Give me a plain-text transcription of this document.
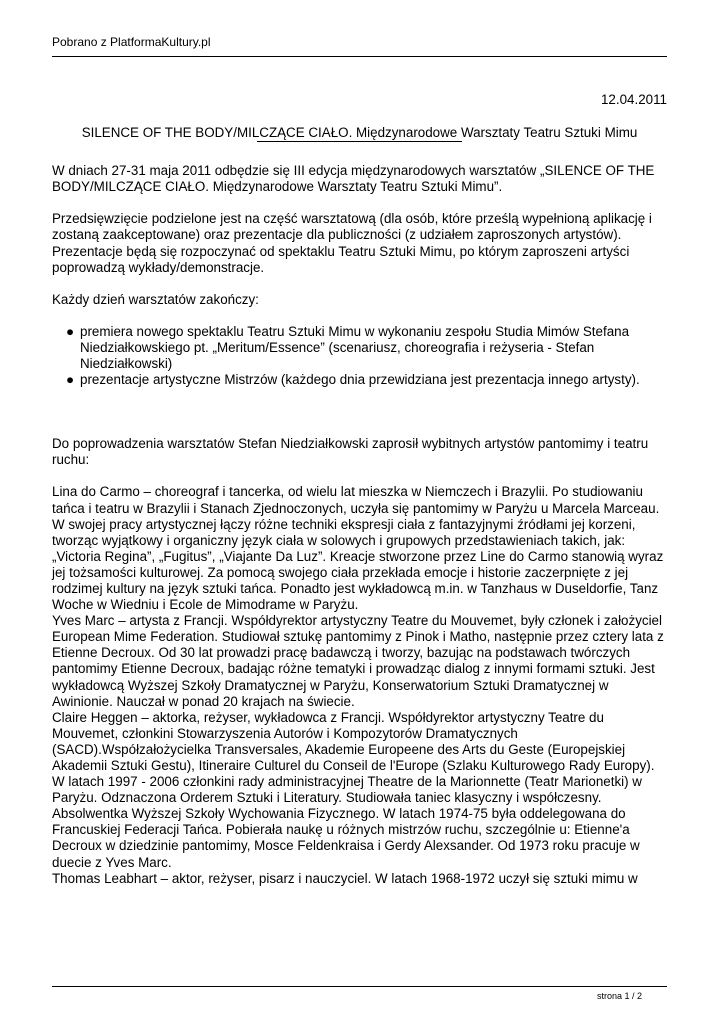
Pobrano z PlatformaKultury.pl

12.04.2011

SILENCE OF THE BODY/MILCZĄCE CIAŁO. Międzynarodowe Warsztaty Teatru Sztuki Mimu

W dniach 27-31 maja 2011 odbędzie się III edycja międzynarodowych warsztatów „SILENCE OF THE BODY/MILCZĄCE CIAŁO. Międzynarodowe Warsztaty Teatru Sztuki Mimu”.

Przedsięwzięcie podzielone jest na część warsztatową (dla osób, które prześlą wypełnioną aplikację i zostaną zaakceptowane) oraz prezentacje dla publiczności (z udziałem zaproszonych artystów). Prezentacje będą się rozpoczynać od spektaklu Teatru Sztuki Mimu, po którym zaproszeni artyści poprowadzą wykłady/demonstracje.

Każdy dzień warsztatów zakończy:

● premiera nowego spektaklu Teatru Sztuki Mimu w wykonaniu zespołu Studia Mimów Stefana Niedziałkowskiego pt. „Meritum/Essence” (scenariusz, choreografia i reżyseria - Stefan Niedziałkowski)
● prezentacje artystyczne Mistrzów (każdego dnia przewidziana jest prezentacja innego artysty).

Do poprowadzenia warsztatów Stefan Niedziałkowski zaprosił wybitnych artystów pantomimy i teatru ruchu:

Lina do Carmo – choreograf i tancerka, od wielu lat mieszka w Niemczech i Brazylii. Po studiowaniu tańca i teatru w Brazylii i Stanach Zjednoczonych, uczyła się pantomimy w Paryżu u Marcela Marceau. W swojej pracy artystycznej łączy różne techniki ekspresji ciała z fantazyjnymi źródłami jej korzeni, tworząc wyjątkowy i organiczny język ciała w solowych i grupowych przedstawieniach takich, jak: „Victoria Regina”, „Fugitus”, „Viajante Da Luz”. Kreacje stworzone przez Line do Carmo stanowią wyraz jej tożsamości kulturowej. Za pomocą swojego ciała przekłada emocje i historie zaczerpnięte z jej rodzimej kultury na język sztuki tańca. Ponadto jest wykładowcą m.in. w Tanzhaus w Duseldorfie, Tanz Woche w Wiedniu i Ecole de Mimodrame w Paryżu.

Yves Marc – artysta z Francji. Współdyrektor artystyczny Teatre du Mouvemet, były członek i założyciel European Mime Federation. Studiował sztukę pantomimy z Pinok i Matho, następnie przez cztery lata z Etienne Decroux. Od 30 lat prowadzi pracę badawczą i tworzy, bazując na podstawach twórczych pantomimy Etienne Decroux, badając różne tematyki i prowadząc dialog z innymi formami sztuki. Jest wykładowcą Wyższej Szkoły Dramatycznej w Paryżu, Konserwatorium Sztuki Dramatycznej w Awinionie. Nauczał w ponad 20 krajach na świecie.

Claire Heggen – aktorka, reżyser, wykładowca z Francji. Współdyrektor artystyczny Teatre du Mouvemet, członkini Stowarzyszenia Autorów i Kompozytorów Dramatycznych (SACD).Współzałożycielka Transversales, Akademie Europeene des Arts du Geste (Europejskiej Akademii Sztuki Gestu), Itineraire Culturel du Conseil de l'Europe (Szlaku Kulturowego Rady Europy). W latach 1997 - 2006 członkini rady administracyjnej Theatre de la Marionnette (Teatr Marionetki) w Paryżu. Odznaczona Orderem Sztuki i Literatury. Studiowała taniec klasyczny i współczesny. Absolwentka Wyższej Szkoły Wychowania Fizycznego. W latach 1974-75 była oddelegowana do Francuskiej Federacji Tańca. Pobierała naukę u różnych mistrzów ruchu, szczególnie u: Etienne'a Decroux w dziedzinie pantomimy, Mosce Feldenkraisa i Gerdy Alexsander. Od 1973 roku pracuje w duecie z Yves Marc.

Thomas Leabhart – aktor, reżyser, pisarz i nauczyciel. W latach 1968-1972 uczył się sztuki mimu w

strona 1 / 2
